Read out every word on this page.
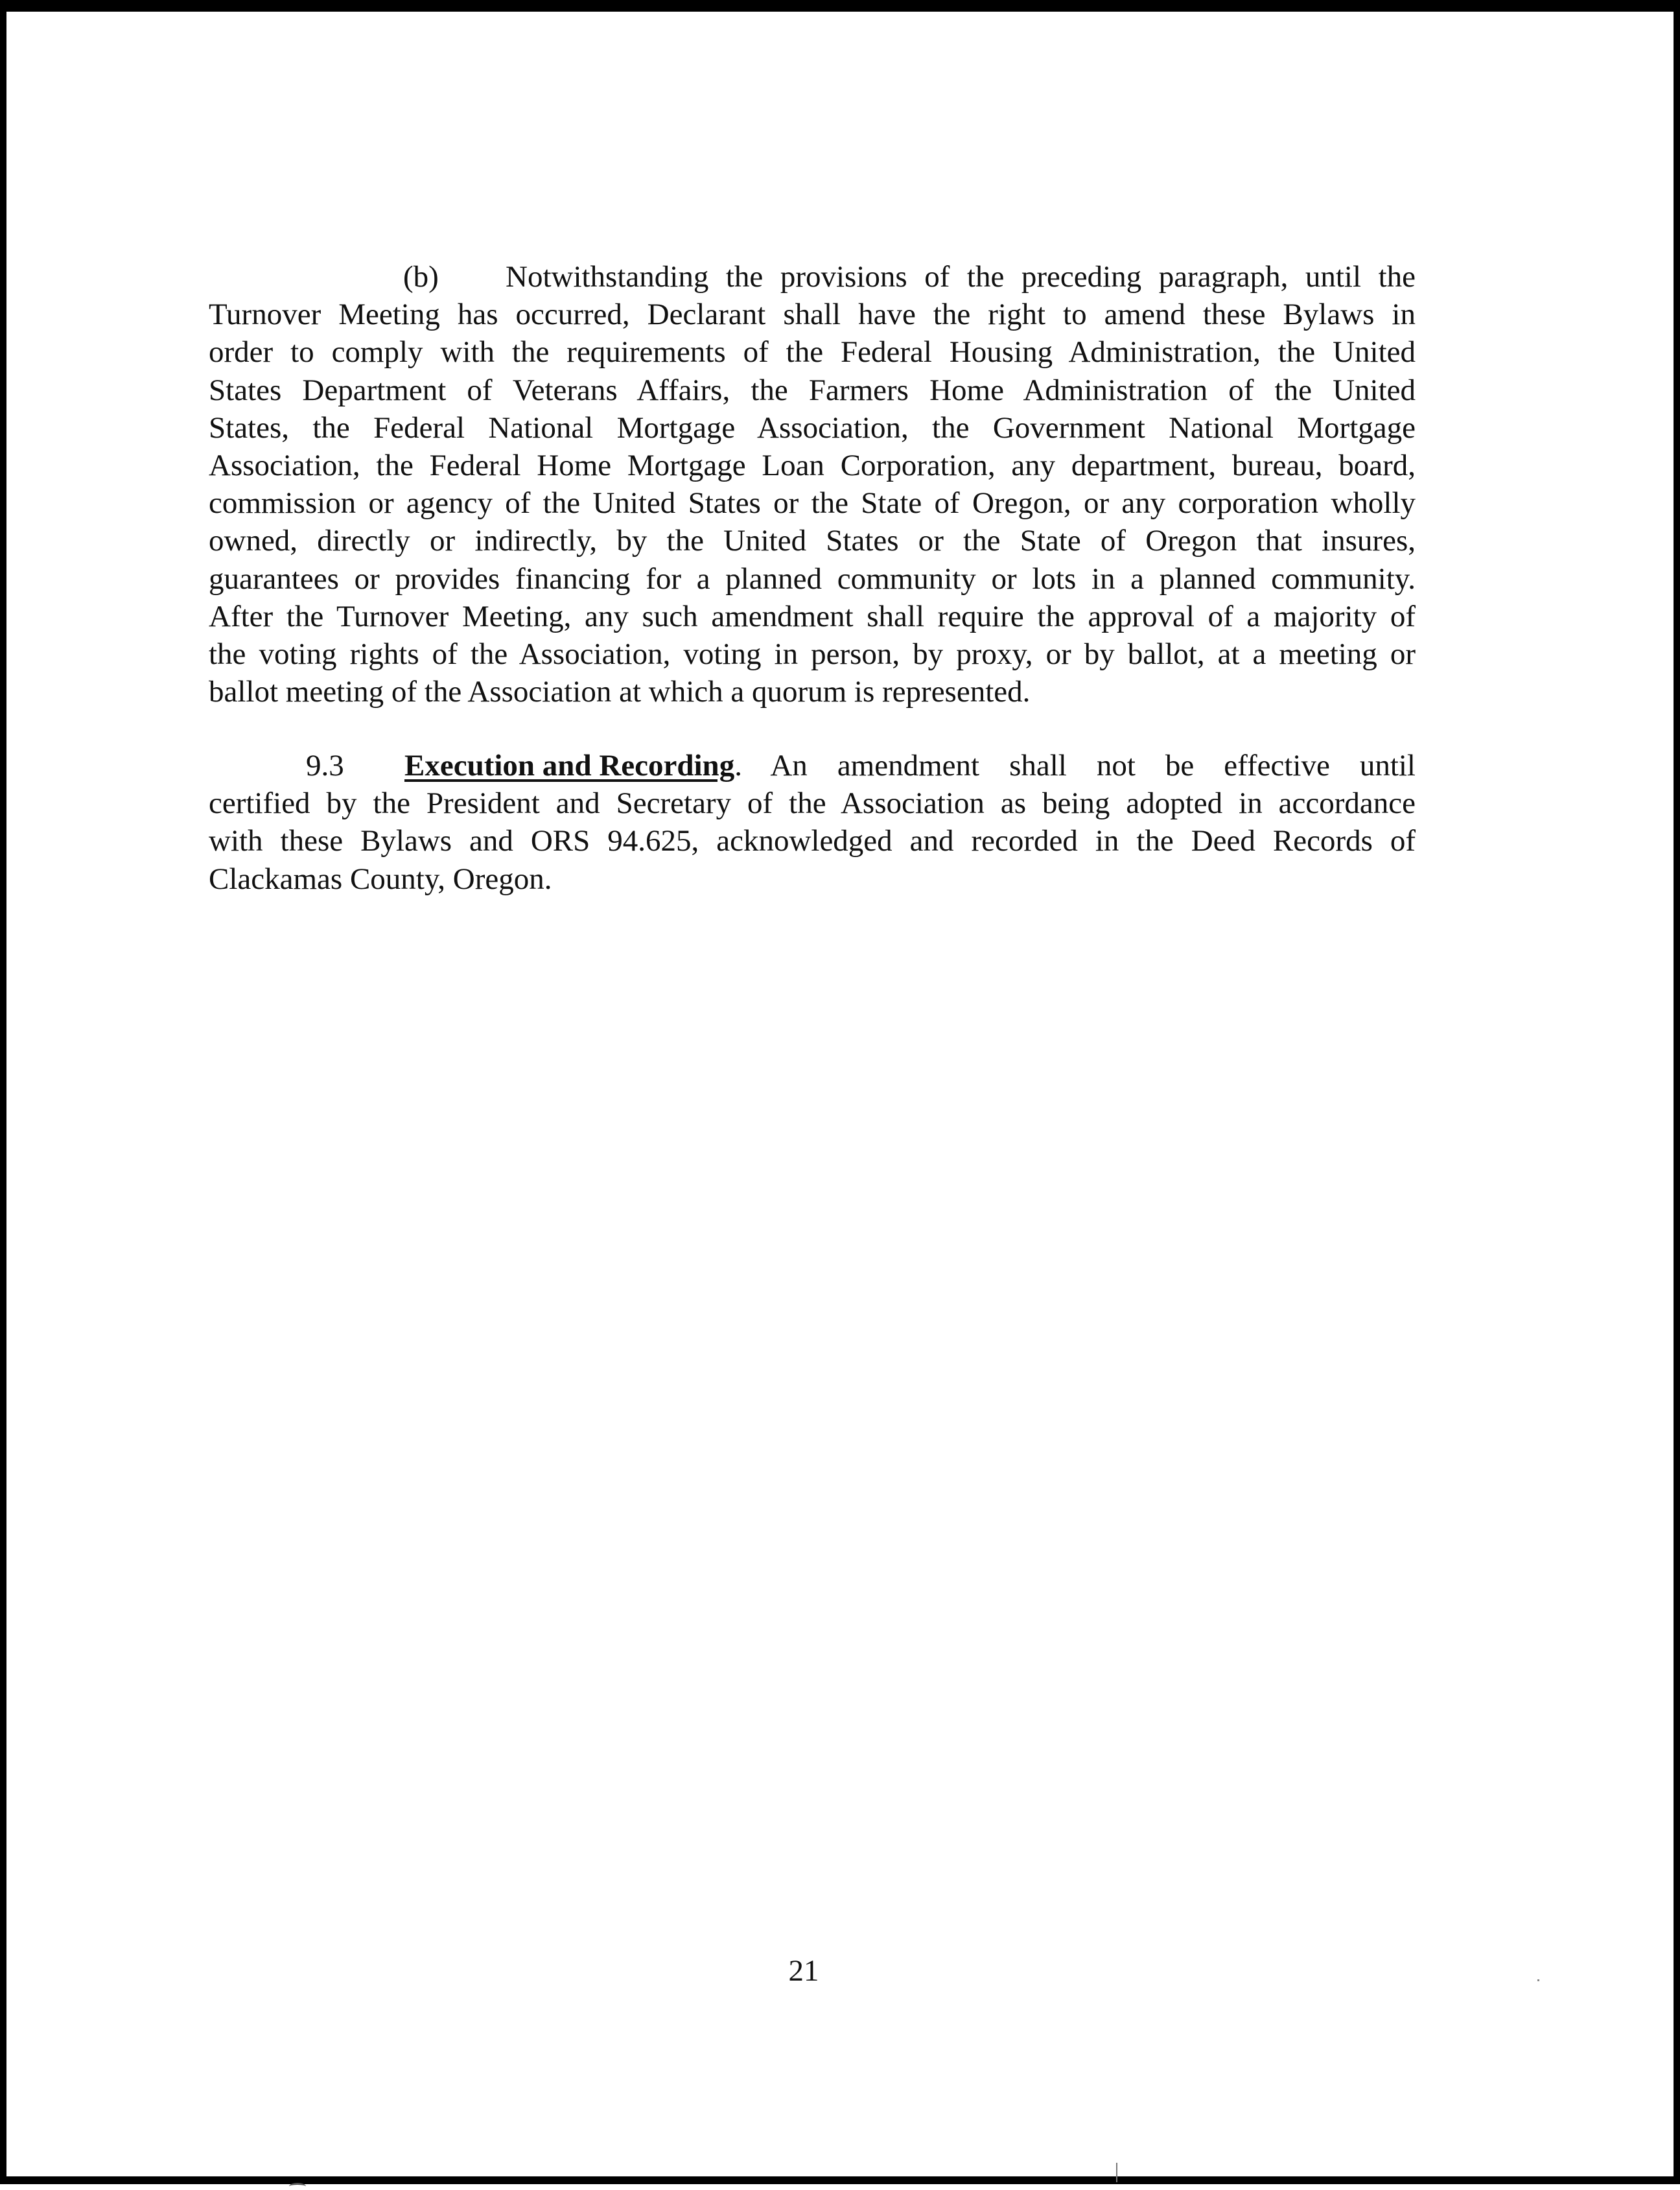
(b)	Notwithstanding the provisions of the preceding paragraph, until the
Turnover Meeting has occurred, Declarant shall have the right to amend these Bylaws in
order to comply with the requirements of the Federal Housing Administration, the United
States Department of Veterans Affairs, the Farmers Home Administration of the United
States, the Federal National Mortgage Association, the Government National Mortgage
Association, the Federal Home Mortgage Loan Corporation, any department, bureau, board,
commission or agency of the United States or the State of Oregon, or any corporation wholly
owned, directly or indirectly, by the United States or the State of Oregon that insures,
guarantees or provides financing for a planned community or lots in a planned community.
After the Turnover Meeting, any such amendment shall require the approval of a majority of
the voting rights of the Association, voting in person, by proxy, or by ballot, at a meeting or
ballot meeting of the Association at which a quorum is represented.
9.3	Execution and Recording . An amendment shall not be effective until
certified by the President and Secretary of the Association as being adopted in accordance
with these Bylaws and ORS 94.625, acknowledged and recorded in the Deed Records of
Clackamas County, Oregon.
21
